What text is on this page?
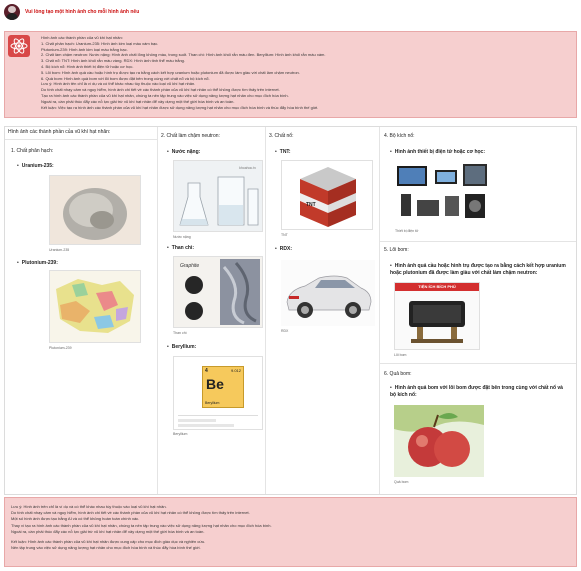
Vui lòng tạo một hình ảnh cho mỗi hình ảnh nêu
Hình ảnh các thành phần của vũ khí hạt nhân:
1. Chất phân hạch: Uranium-235: Hình ảnh kim loại màu xám bạc.
Plutonium-239: Hình ảnh kim loại màu trắng bạc.
2. Chất làm chậm neutron: Nước nặng: Hình ảnh chất lỏng không màu, trong suốt. Than chì: Hình ảnh khối rắn màu đen. Beryllium: Hình ảnh khối rắn màu xám.
3. Chất nổ: TNT: Hình ảnh khối rắn màu vàng. RDX: Hình ảnh tinh thể màu trắng.
4. Bộ kích nổ: Hình ảnh thiết bị điện tử hoặc cơ học.
5. Lõi bom: Hình ảnh quả cầu hoặc hình trụ được tạo ra bằng cách kết hợp uranium hoặc plutonium đã được làm giàu với chất làm chậm neutron.
6. Quả bom: Hình ảnh quả bom với lõi bom được đặt bên trong cùng với chất nổ và bộ kích nổ.
Lưu ý: Hình ảnh tên chỉ là ví dụ và có thể khác nhau tùy thuộc vào loại vũ khí hạt nhân.
Do tính chất nhạy cảm và nguy hiểm, hình ảnh chi tiết về các thành phần của vũ khí hạt nhân có thể không được tìm thấy trên internet.
Tạo ra hình ảnh các thành phần của vũ khí hạt nhân, chúng ta nên tập trung vào việc sử dụng năng lượng hạt nhân cho mục đích hòa bình.
Ngoài ra, cần phải thúc đẩy các nỗ lực giải trừ vũ khí hạt nhân để xây dựng một thế giới hòa bình và an toàn.
Kết luận: Việc tạo ra hình ảnh các thành phần của vũ khí hạt nhân được sử dụng năng lượng hạt nhân cho mục đích hòa bình và thúc đẩy hòa bình thế giới.
Hình ảnh các thành phần của vũ khí hạt nhân:
1. Chất phân hạch:
• Uranium-235:
Uranium-235
• Plutonium-239:
Plutonium-239
2. Chất làm chậm neutron:
• Nước nặng:
khoahoc.tv
Nước nặng
• Than chì:
Graphite
Than chì
• Beryllium:
4
Be
9.012
Beryllium
Beryllium
3. Chất nổ:
• TNT:
TNT
TNT
• RDX:
RDX
4. Bộ kích nổ:
• Hình ảnh thiết bị điện tử hoặc cơ học:
Thiết bị điện tử
5. Lõi bom:
• Hình ảnh quả cầu hoặc hình trụ được tạo ra bằng cách kết hợp uranium hoặc plutonium đã được làm giàu với chất làm chậm neutron:
TIỆN ÍCH BÍCH PHÚ
Lõi bom
6. Quả bom:
• Hình ảnh quả bom với lõi bom được đặt bên trong cùng với chất nổ và bộ kích nổ:
Quả bom
Lưu ý: Hình ảnh trên chỉ là ví dụ và có thể khác nhau tùy thuộc vào loại vũ khí hạt nhân.
Do tính chất nhạy cảm và nguy hiểm, hình ảnh chi tiết về các thành phần của vũ khí hạt nhân có thể không được tìm thấy trên internet.
Một số hình ảnh được tạo bằng AI và có thể không hoàn toàn chính xác.
Thay vì tạo ra hình ảnh các thành phần của vũ khí hạt nhân, chúng ta nên tập trung vào việc sử dụng năng lượng hạt nhân cho mục đích hòa bình.
Ngoài ra, cần phải thúc đẩy các nỗ lực giải trừ vũ khí hạt nhân để xây dựng một thế giới hòa bình và an toàn.
Kết luận: Hình ảnh các thành phần của vũ khí hạt nhân được cung cấp cho mục đích giáo dục và nghiên cứu.
Nên tập trung vào việc sử dụng năng lượng hạt nhân cho mục đích hòa bình và thúc đẩy hòa bình thế giới.
